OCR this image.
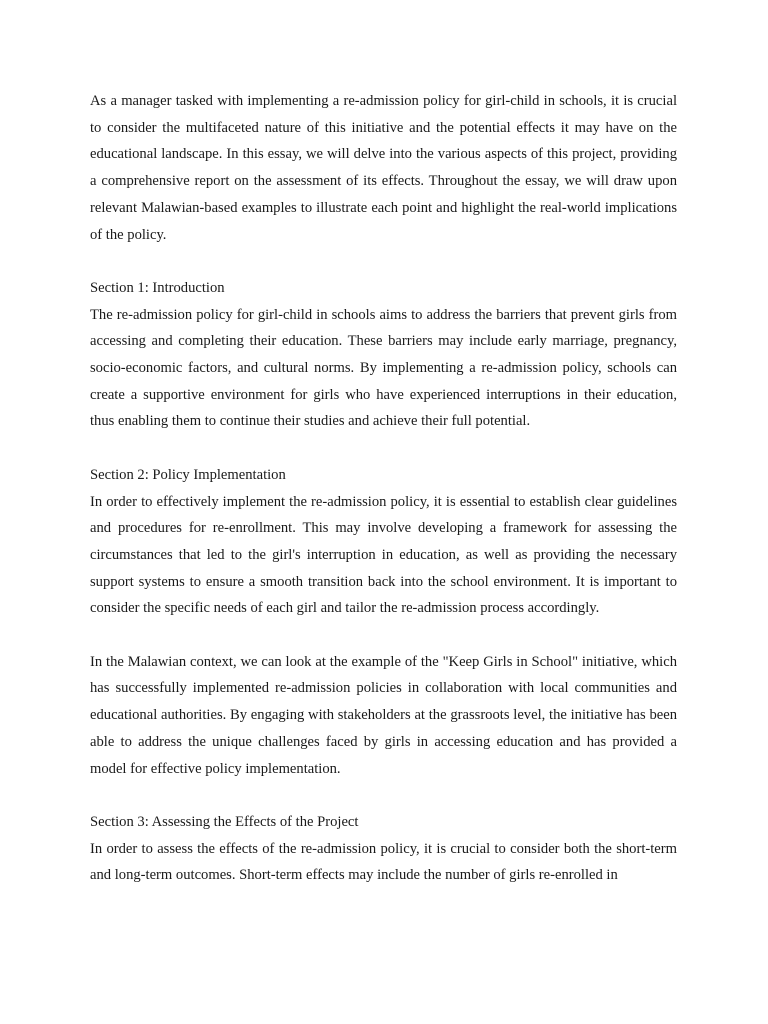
As a manager tasked with implementing a re-admission policy for girl-child in schools, it is crucial to consider the multifaceted nature of this initiative and the potential effects it may have on the educational landscape. In this essay, we will delve into the various aspects of this project, providing a comprehensive report on the assessment of its effects. Throughout the essay, we will draw upon relevant Malawian-based examples to illustrate each point and highlight the real-world implications of the policy.

Section 1: Introduction

The re-admission policy for girl-child in schools aims to address the barriers that prevent girls from accessing and completing their education. These barriers may include early marriage, pregnancy, socio-economic factors, and cultural norms. By implementing a re-admission policy, schools can create a supportive environment for girls who have experienced interruptions in their education, thus enabling them to continue their studies and achieve their full potential.

Section 2: Policy Implementation

In order to effectively implement the re-admission policy, it is essential to establish clear guidelines and procedures for re-enrollment. This may involve developing a framework for assessing the circumstances that led to the girl's interruption in education, as well as providing the necessary support systems to ensure a smooth transition back into the school environment. It is important to consider the specific needs of each girl and tailor the re-admission process accordingly.

In the Malawian context, we can look at the example of the "Keep Girls in School" initiative, which has successfully implemented re-admission policies in collaboration with local communities and educational authorities. By engaging with stakeholders at the grassroots level, the initiative has been able to address the unique challenges faced by girls in accessing education and has provided a model for effective policy implementation.

Section 3: Assessing the Effects of the Project

In order to assess the effects of the re-admission policy, it is crucial to consider both the short-term and long-term outcomes. Short-term effects may include the number of girls re-enrolled in
